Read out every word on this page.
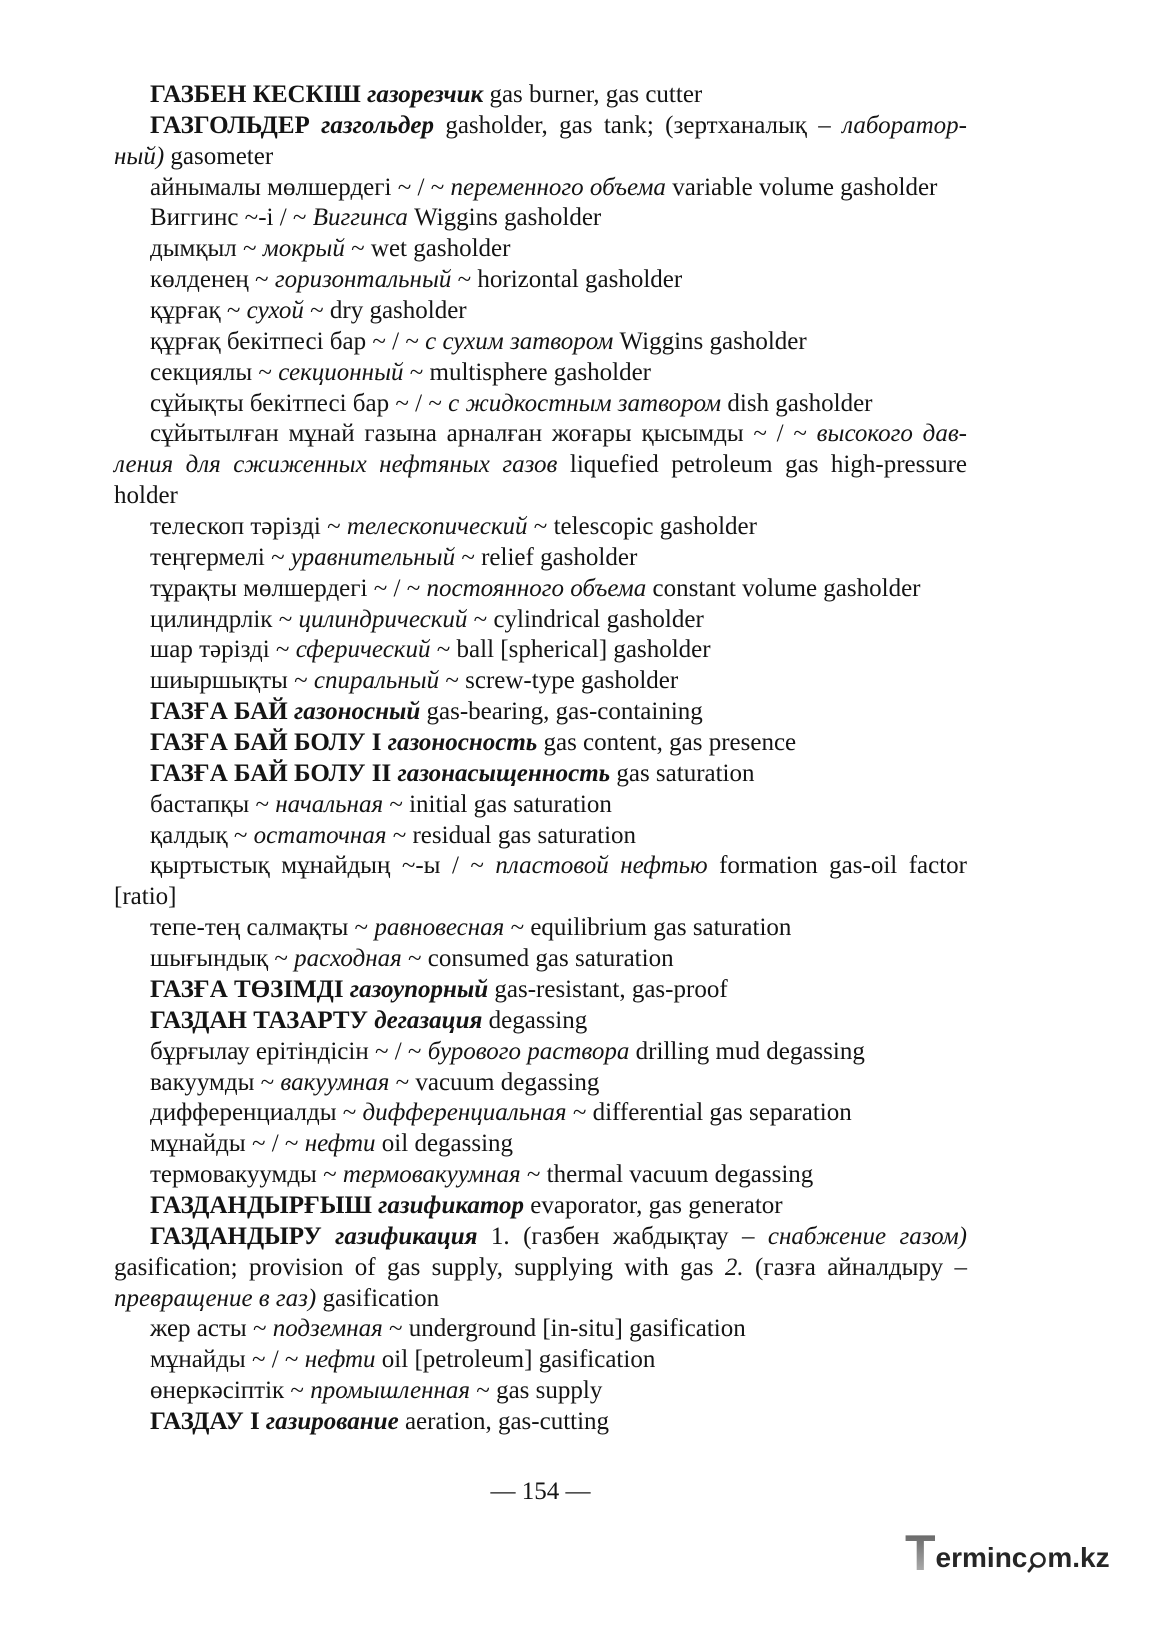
ГАЗБЕН КЕСКІШ газорезчик gas burner, gas cutter
ГАЗГОЛЬДЕР газгольдер gasholder, gas tank; (зертханалық – лаборатор-
ный) gasometer
айнымалы мөлшердегі ~ / ~ переменного объема variable volume gasholder
Виггинс ~-і / ~ Виггинса Wiggins gasholder
дымқыл ~ мокрый ~ wet gasholder
көлденең ~ горизонтальный ~ horizontal gasholder
құрғақ ~ сухой ~ dry gasholder
құрғақ бекітпесі бар ~ / ~ с сухим затвором Wiggins gasholder
секциялы ~ секционный ~ multisphere gasholder
сұйықты бекітпесі бар ~ / ~ с жидкостным затвором dish gasholder
сұйытылған мұнай газына арналған жоғары қысымды ~ / ~ высокого дав-
ления для сжиженных нефтяных газов liquefied petroleum gas high-pressure
holder
телескоп тәрізді ~ телескопический ~ telescopic gasholder
теңгермелі ~ уравнительный ~ relief gasholder
тұрақты мөлшердегі ~ / ~ постоянного объема constant volume gasholder
цилиндрлік ~ цилиндрический ~ cylindrical gasholder
шар тәрізді ~ сферический ~ ball [spherical] gasholder
шиыршықты ~ спиральный ~ screw-type gasholder
ГАЗҒА БАЙ газоносный gas-bearing, gas-containing
ГАЗҒА БАЙ БОЛУ I газоносность gas content, gas presence
ГАЗҒА БАЙ БОЛУ II газонасыщенность gas saturation
бастапқы ~ начальная ~ initial gas saturation
қалдық ~ остаточная ~ residual gas saturation
қыртыстық мұнайдың ~-ы / ~ пластовой нефтью formation gas-oil factor
[ratio]
тепе-тең салмақты ~ равновесная ~ equilibrium gas saturation
шығындық ~ расходная ~ consumed gas saturation
ГАЗҒА ТӨЗІМДІ газоупорный gas-resistant, gas-proof
ГАЗДАН ТАЗАРТУ дегазация degassing
бұрғылау ерітіндісін ~ / ~ бурового раствора drilling mud degassing
вакуумды ~ вакуумная ~ vacuum degassing
дифференциалды ~ дифференциальная ~ differential gas separation
мұнайды ~ / ~ нефти oil degassing
термовакуумды ~ термовакуумная ~ thermal vacuum degassing
ГАЗДАНДЫРҒЫШ газификатор evaporator, gas generator
ГАЗДАНДЫРУ газификация 1. (газбен жабдықтау – снабжение газом)
gasification; provision of gas supply, supplying with gas 2. (газға айналдыру –
превращение в газ) gasification
жер асты ~ подземная ~ underground [in-situ] gasification
мұнайды ~ / ~ нефти oil [petroleum] gasification
өнеркәсіптік ~ промышленная ~ gas supply
ГАЗДАУ I газирование aeration, gas-cutting
— 154 —
T erminc m.kz
